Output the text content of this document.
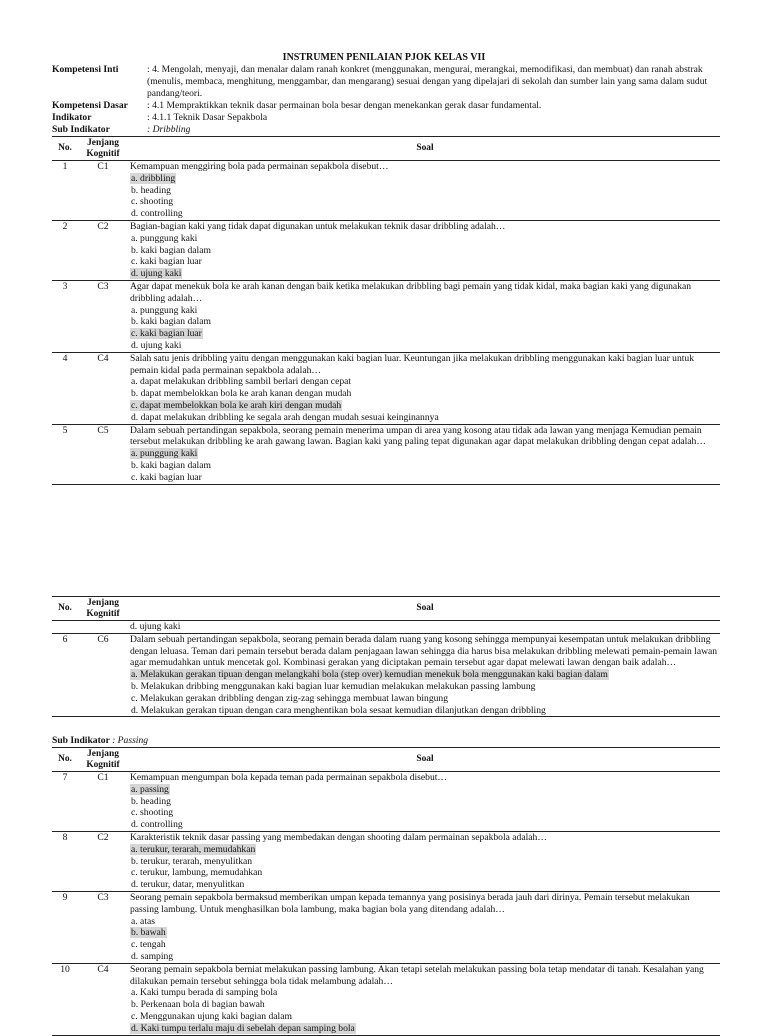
INSTRUMEN PENILAIAN PJOK KELAS VII
Kompetensi Inti	: 4. Mengolah, menyaji, dan menalar dalam ranah konkret (menggunakan, mengurai, merangkai, memodifikasi, dan membuat) dan ranah abstrak (menulis, membaca, menghitung, menggambar, dan mengarang) sesuai dengan yang dipelajari di sekolah dan sumber lain yang sama dalam sudut pandang/teori.
Kompetensi Dasar	: 4.1 Mempraktikkan teknik dasar permainan bola besar dengan menekankan gerak dasar fundamental.
Indikator	: 4.1.1 Teknik Dasar Sepakbola
Sub Indikator	: Dribbling
No.	Jenjang Kognitif	Soal
1	C1	Kemampuan menggiring bola pada permainan sepakbola disebut…
a. dribbling
b. heading
c. shooting
d. controlling

2	C2	Bagian-bagian kaki yang tidak dapat digunakan untuk melakukan teknik dasar dribbling adalah…
a. punggung kaki
b. kaki bagian dalam
c. kaki bagian luar
d. ujung kaki

3	C3	Agar dapat menekuk bola ke arah kanan dengan baik ketika melakukan dribbling bagi pemain yang tidak kidal, maka bagian kaki yang digunakan dribbling adalah…
a. punggung kaki
b. kaki bagian dalam
c. kaki bagian luar
d. ujung kaki

4	C4	Salah satu jenis dribbling yaitu dengan menggunakan kaki bagian luar. Keuntungan jika melakukan dribbling menggunakan kaki bagian luar untuk pemain kidal pada permainan sepakbola adalah…
a. dapat melakukan dribbling sambil berlari dengan cepat
b. dapat membelokkan bola ke arah kanan dengan mudah
c. dapat membelokkan bola ke arah kiri dengan mudah
d. dapat melakukan dribbling ke segala arah dengan mudah sesuai keinginannya

5	C5	Dalam sebuah pertandingan sepakbola, seorang pemain menerima umpan di area yang kosong atau tidak ada lawan yang menjaga Kemudian pemain tersebut melakukan dribbling ke arah gawang lawan. Bagian kaki yang paling tepat digunakan agar dapat melakukan dribbling dengan cepat adalah…
a. punggung kaki
b. kaki bagian dalam
c. kaki bagian luar
No.	Jenjang Kognitif	Soal

		d. ujung kaki

6	C6	Dalam sebuah pertandingan sepakbola, seorang pemain berada dalam ruang yang kosong sehingga mempunyai kesempatan untuk melakukan dribbling dengan leluasa. Teman dari pemain tersebut berada dalam penjagaan lawan sehingga dia harus bisa melakukan dribbling melewati pemain-pemain lawan agar memudahkan untuk mencetak gol. Kombinasi gerakan yang diciptakan pemain tersebut agar dapat melewati lawan dengan baik adalah…
a. Melakukan gerakan tipuan dengan melangkahi bola (step over) kemudian menekuk bola menggunakan kaki bagian dalam
b. Melakukan dribbing menggunakan kaki bagian luar kemudian melakukan melakukan passing lambung
c. Melakukan gerakan dribbling dengan zig-zag sehingga membuat lawan bingung
d. Melakukan gerakan tipuan dengan cara menghentikan bola sesaat kemudian dilanjutkan dengan dribbling
Sub Indikator : Passing
No.	Jenjang Kognitif	Soal
7	C1	Kemampuan mengumpan bola kepada teman pada permainan sepakbola disebut…
a. passing
b. heading
c. shooting
d. controlling

8	C2	Karakteristik teknik dasar passing yang membedakan dengan shooting dalam permainan sepakbola adalah…
a. terukur, terarah, memudahkan
b. terukur, terarah, menyulitkan
c. terukur, lambung, memudahkan
d. terukur, datar, menyulitkan

9	C3	Seorang pemain sepakbola bermaksud memberikan umpan kepada temannya yang posisinya berada jauh dari dirinya. Pemain tersebut melakukan passing lambung. Untuk menghasilkan bola lambung, maka bagian bola yang ditendang adalah…
a. atas
b. bawah
c. tengah
d. samping

10	C4	Seorang pemain sepakbola berniat melakukan passing lambung. Akan tetapi setelah melakukan passing bola tetap mendatar di tanah. Kesalahan yang dilakukan pemain tersebut sehingga bola tidak melambung adalah…
a. Kaki tumpu berada di samping bola
b. Perkenaan bola di bagian bawah
c. Menggunakan ujung kaki bagian dalam
d. Kaki tumpu terlalu maju di sebelah depan samping bola
